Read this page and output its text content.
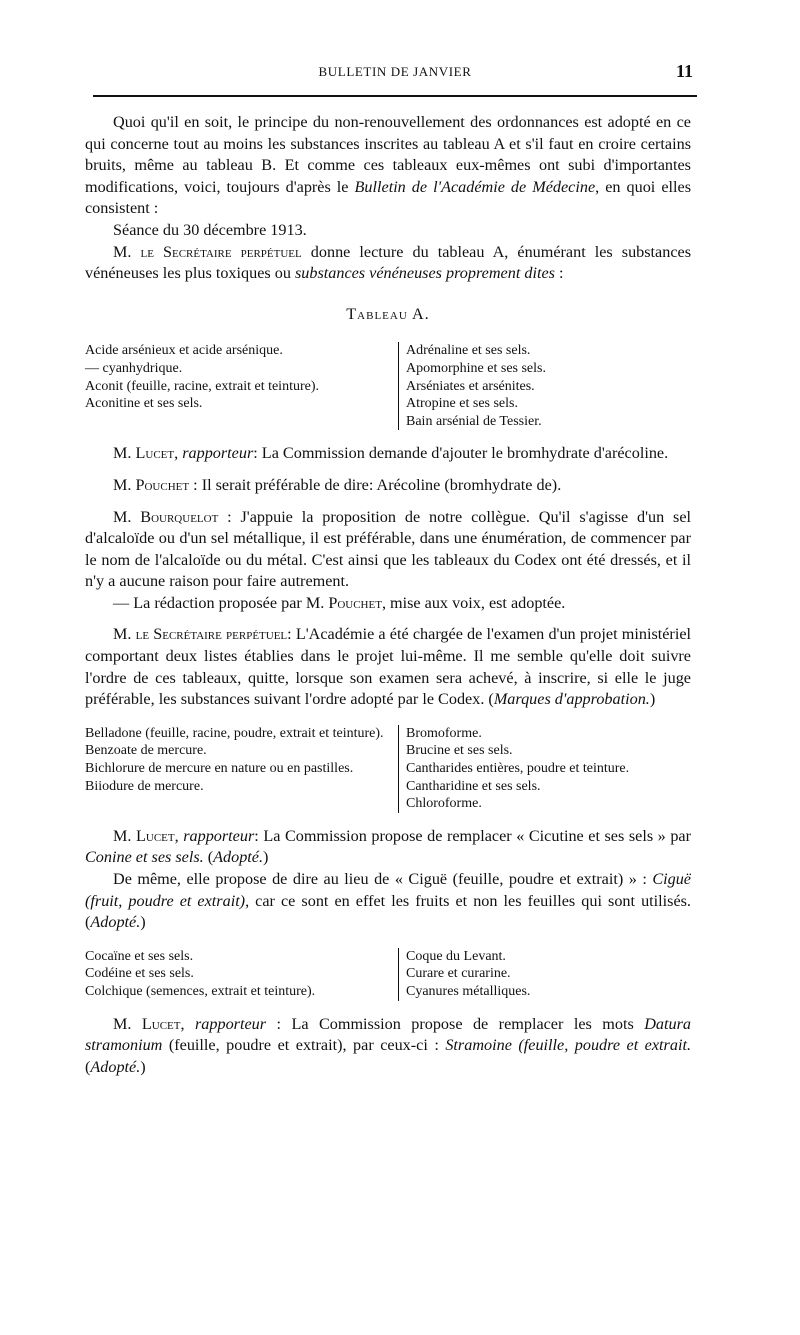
BULLETIN DE JANVIER	11

Quoi qu'il en soit, le principe du non-renouvellement des ordonnances est adopté en ce qui concerne tout au moins les substances inscrites au tableau A et s'il faut en croire certains bruits, même au tableau B. Et comme ces tableaux eux-mêmes ont subi d'importantes modifications, voici, toujours d'après le Bulletin de l'Académie de Médecine, en quoi elles consistent :

Séance du 30 décembre 1913.

M. le Secrétaire perpétuel donne lecture du tableau A, énumérant les substances vénéneuses les plus toxiques ou substances vénéneuses proprement dites :

Tableau A.

Acide arsénieux et acide arsénique.
— cyanhydrique.
Aconit (feuille, racine, extrait et teinture).
Aconitine et ses sels.
Adrénaline et ses sels.
Apomorphine et ses sels.
Arséniates et arsénites.
Atropine et ses sels.
Bain arsénial de Tessier.

M. Lucet, rapporteur: La Commission demande d'ajouter le bromhydrate d'arécoline.

M. Pouchet : Il serait préférable de dire: Arécoline (bromhydrate de).

M. Bourquelot : J'appuie la proposition de notre collègue. Qu'il s'agisse d'un sel d'alcaloïde ou d'un sel métallique, il est préférable, dans une énumération, de commencer par le nom de l'alcaloïde ou du métal. C'est ainsi que les tableaux du Codex ont été dressés, et il n'y a aucune raison pour faire autrement.

— La rédaction proposée par M. Pouchet, mise aux voix, est adoptée.

M. le Secrétaire perpétuel: L'Académie a été chargée de l'examen d'un projet ministériel comportant deux listes établies dans le projet lui-même. Il me semble qu'elle doit suivre l'ordre de ces tableaux, quitte, lorsque son examen sera achevé, à inscrire, si elle le juge préférable, les substances suivant l'ordre adopté par le Codex. (Marques d'approbation.)

Belladone (feuille, racine, poudre, extrait et teinture).
Benzoate de mercure.
Bichlorure de mercure en nature ou en pastilles.
Biiodure de mercure.
Bromoforme.
Brucine et ses sels.
Cantharides entières, poudre et teinture.
Cantharidine et ses sels.
Chloroforme.

M. Lucet, rapporteur: La Commission propose de remplacer « Cicutine et ses sels » par Conine et ses sels. (Adopté.)

De même, elle propose de dire au lieu de « Ciguë (feuille, poudre et extrait) » : Ciguë (fruit, poudre et extrait), car ce sont en effet les fruits et non les feuilles qui sont utilisés. (Adopté.)

Cocaïne et ses sels.
Codéine et ses sels.
Colchique (semences, extrait et teinture).
Coque du Levant.
Curare et curarine.
Cyanures métalliques.

M. Lucet, rapporteur : La Commission propose de remplacer les mots Datura stramonium (feuille, poudre et extrait), par ceux-ci : Stramoine (feuille, poudre et extrait. (Adopté.)
